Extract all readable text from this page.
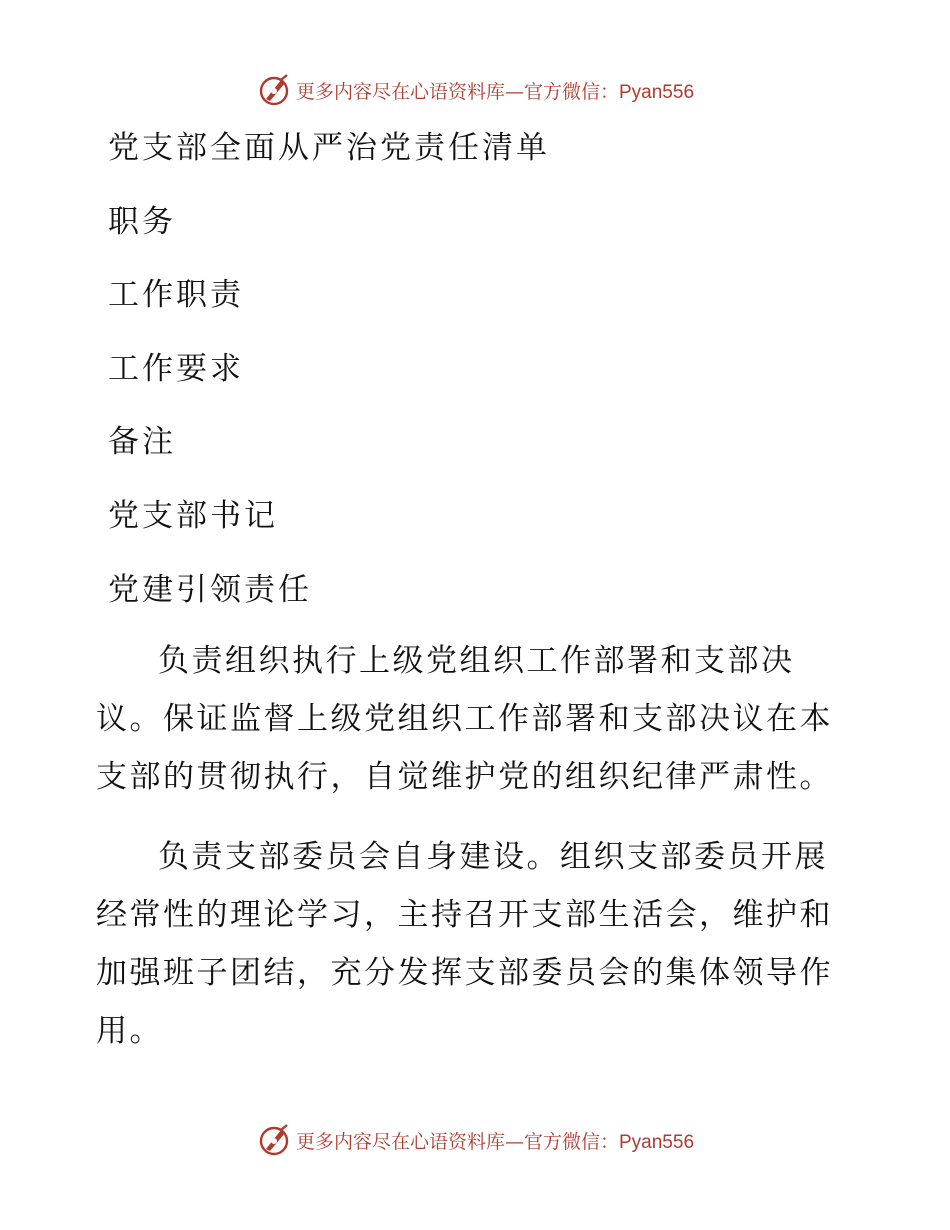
更多内容尽在心语资料库—官方微信：Pyan556
党支部全面从严治党责任清单
职务
工作职责
工作要求
备注
党支部书记
党建引领责任

负责组织执行上级党组织工作部署和支部决议。保证监督上级党组织工作部署和支部决议在本支部的贯彻执行，自觉维护党的组织纪律严肃性。

负责支部委员会自身建设。组织支部委员开展经常性的理论学习，主持召开支部生活会，维护和加强班子团结，充分发挥支部委员会的集体领导作用。

更多内容尽在心语资料库—官方微信：Pyan556
